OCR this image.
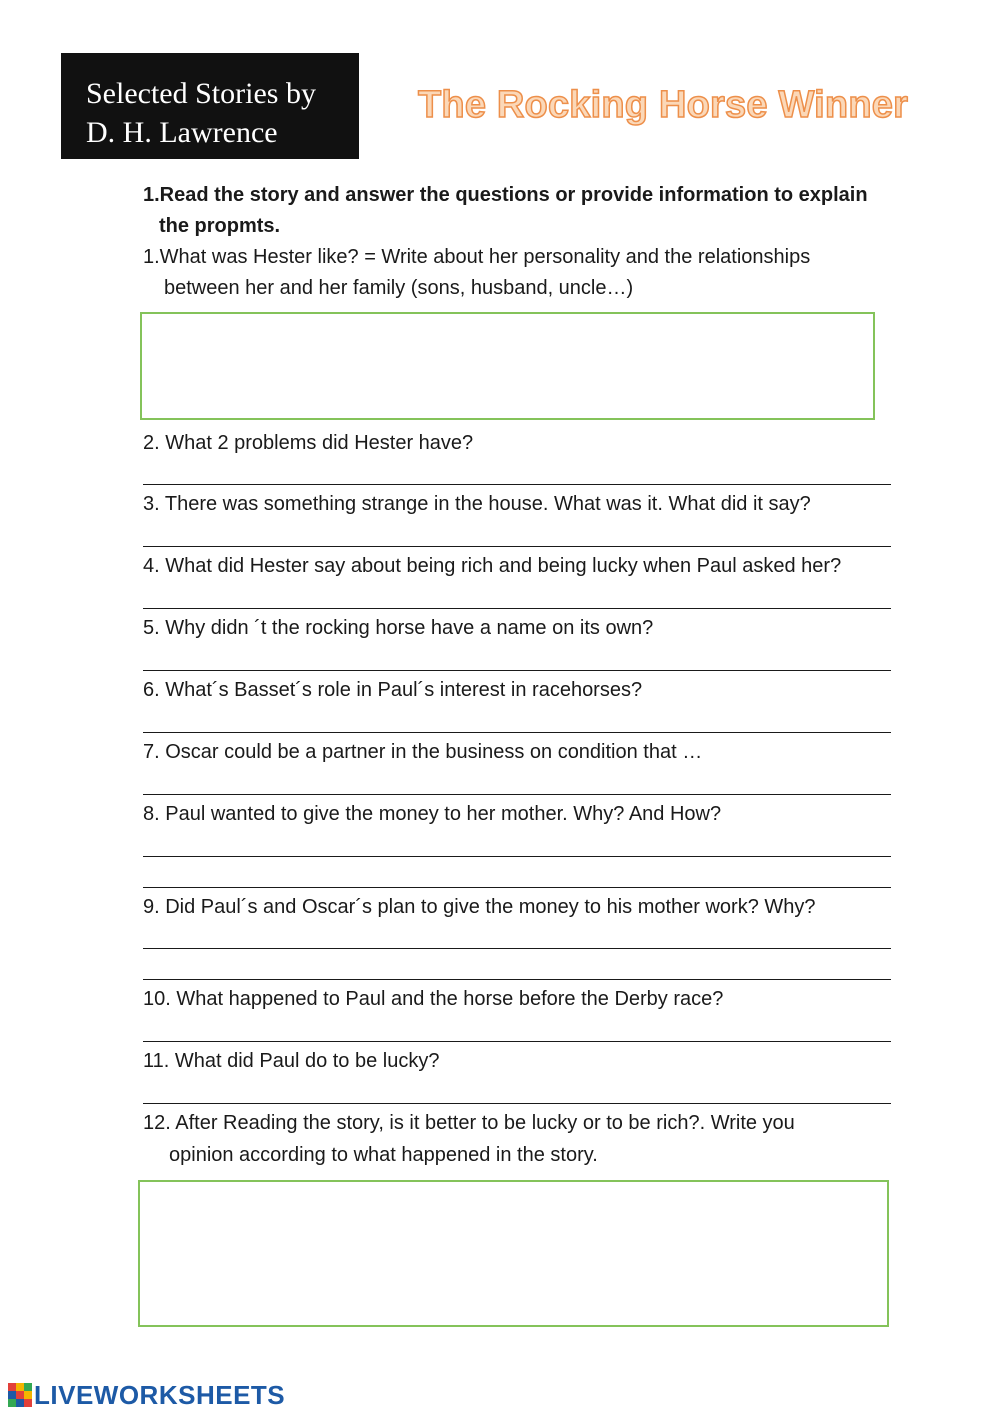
Selected Stories by
D. H. Lawrence
The Rocking Horse Winner
1.Read the story and answer the questions or provide information to explain
the propmts.
1.What was Hester like? = Write about her personality and the relationships
between her and her family (sons, husband, uncle…)
2. What 2 problems did Hester have?
3. There was something strange in the house. What was it. What did it say?
4. What did Hester say about being rich and being lucky when Paul asked her?
5. Why didn ´t the rocking horse have a name on its own?
6. What´s Basset´s role in Paul´s interest in racehorses?
7. Oscar could be a partner in the business on condition that …
8. Paul wanted to give the money to her mother. Why? And How?
9. Did Paul´s and Oscar´s plan to give the money to his mother work? Why?
10. What happened to Paul and the horse before the Derby race?
11. What did Paul do to be lucky?
12. After Reading the story, is it better to be lucky or to be rich?. Write you
opinion according to what happened in the story.
LIVEWORKSHEETS
